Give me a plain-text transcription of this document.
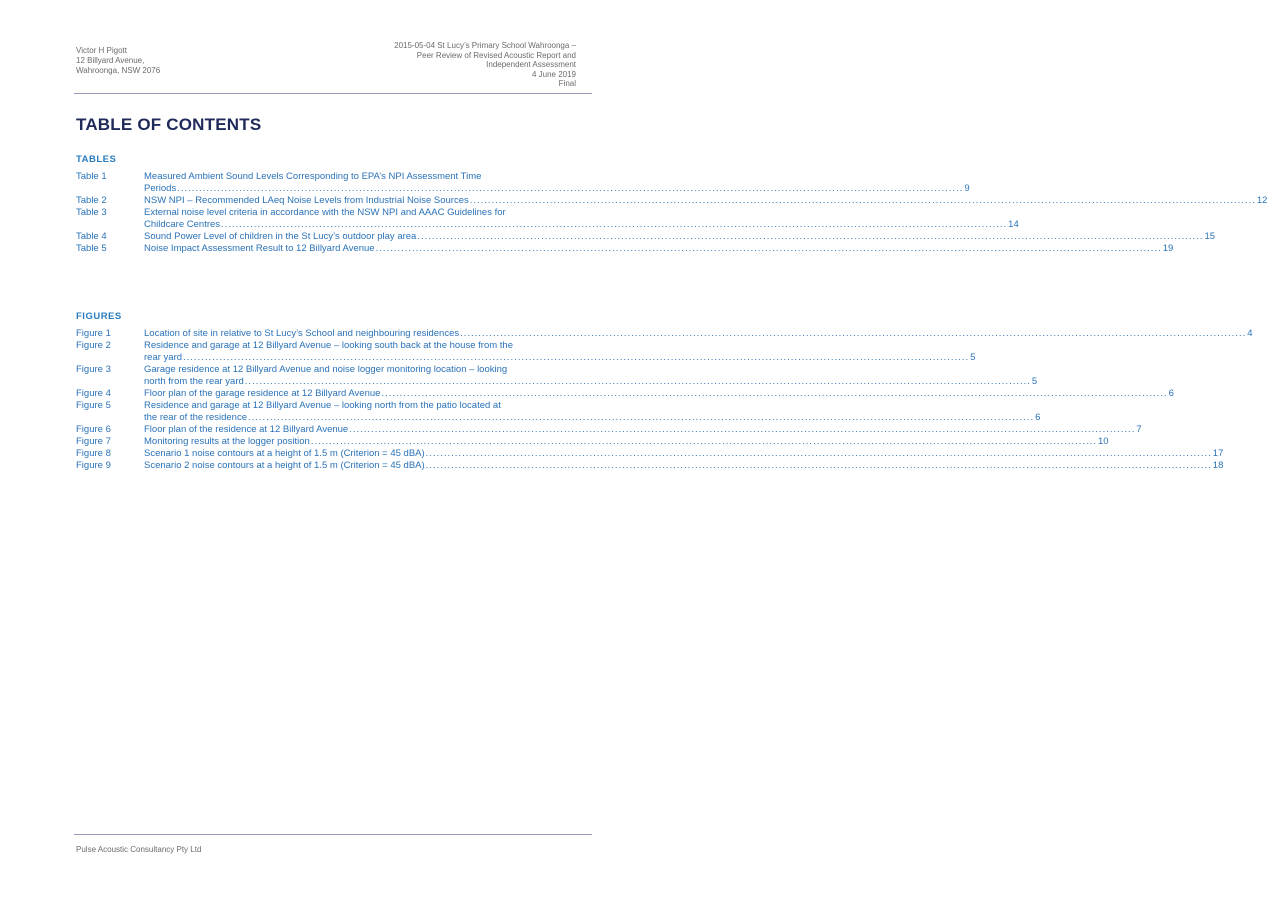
Victor H Pigott
12 Billyard Avenue,
Wahroonga, NSW 2076
2015-05-04 St Lucy’s Primary School Wahroonga –
Peer Review of Revised Acoustic Report and
Independent Assessment
4 June 2019
Final
TABLE OF CONTENTS
TABLES
Table 1	Measured Ambient Sound Levels Corresponding to EPA’s NPI Assessment Time
Periods .....	9
Table 2	NSW NPI – Recommended LAeq Noise Levels from Industrial Noise Sources .....	12
Table 3	External noise level criteria in accordance with the NSW NPI and AAAC Guidelines for
Childcare Centres .....	14
Table 4	Sound Power Level of children in the St Lucy’s outdoor play area .....	15
Table 5	Noise Impact Assessment Result to 12 Billyard Avenue .....	19
FIGURES
Figure 1	Location of site in relative to St Lucy’s School and neighbouring residences .....	4
Figure 2	Residence and garage at 12 Billyard Avenue – looking south back at the house from the
rear yard .....	5
Figure 3	Garage residence at 12 Billyard Avenue and noise logger monitoring location – looking
north from the rear yard .....	5
Figure 4	Floor plan of the garage residence at 12 Billyard Avenue .....	6
Figure 5	Residence and garage at 12 Billyard Avenue – looking north from the patio located at
the rear of the residence .....	6
Figure 6	Floor plan of the residence at 12 Billyard Avenue .....	7
Figure 7	Monitoring results at the logger position .....	10
Figure 8	Scenario 1 noise contours at a height of 1.5 m (Criterion = 45 dBA) .....	17
Figure 9	Scenario 2 noise contours at a height of 1.5 m (Criterion = 45 dBA) .....	18
Pulse Acoustic Consultancy Pty Ltd
